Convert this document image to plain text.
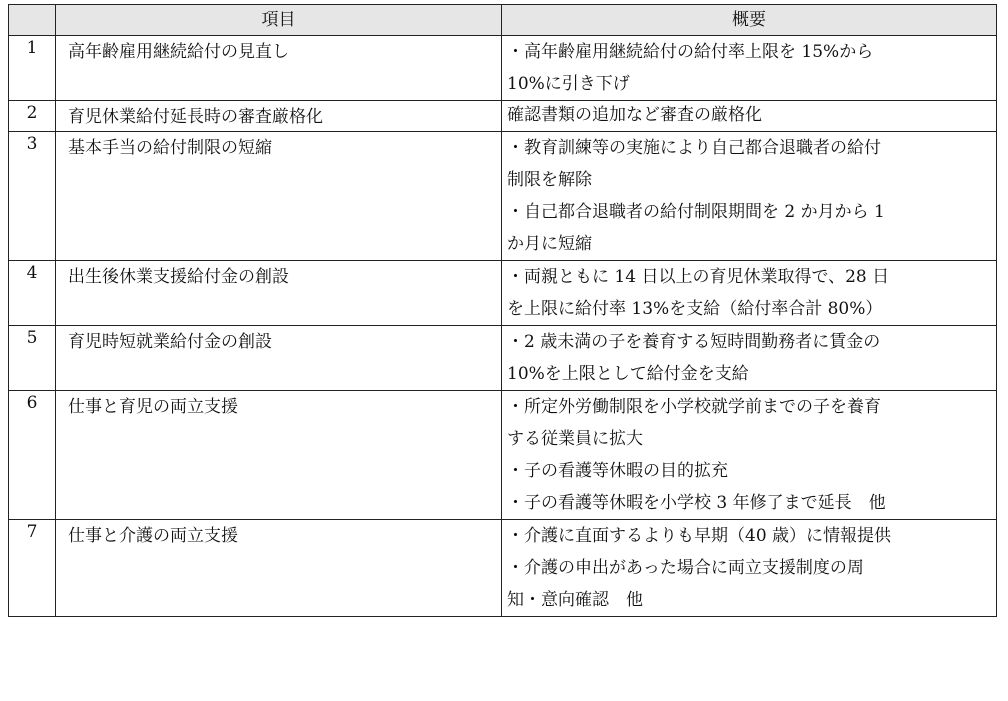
	項目	概要
1	高年齢雇用継続給付の見直し	・高年齢雇用継続給付の給付率上限を 15%から
10%に引き下げ

2	育児休業給付延長時の審査厳格化	確認書類の追加など審査の厳格化

3	基本手当の給付制限の短縮	・教育訓練等の実施により自己都合退職者の給付
制限を解除
・自己都合退職者の給付制限期間を 2 か月から 1
か月に短縮

4	出生後休業支援給付金の創設	・両親ともに 14 日以上の育児休業取得で、28 日
を上限に給付率 13%を支給（給付率合計 80%）

5	育児時短就業給付金の創設	・2 歳未満の子を養育する短時間勤務者に賃金の
10%を上限として給付金を支給

6	仕事と育児の両立支援	・所定外労働制限を小学校就学前までの子を養育
する従業員に拡大
・子の看護等休暇の目的拡充
・子の看護等休暇を小学校 3 年修了まで延長　他

7	仕事と介護の両立支援	・介護に直面するよりも早期（40 歳）に情報提供
・介護の申出があった場合に両立支援制度の周
知・意向確認　他
